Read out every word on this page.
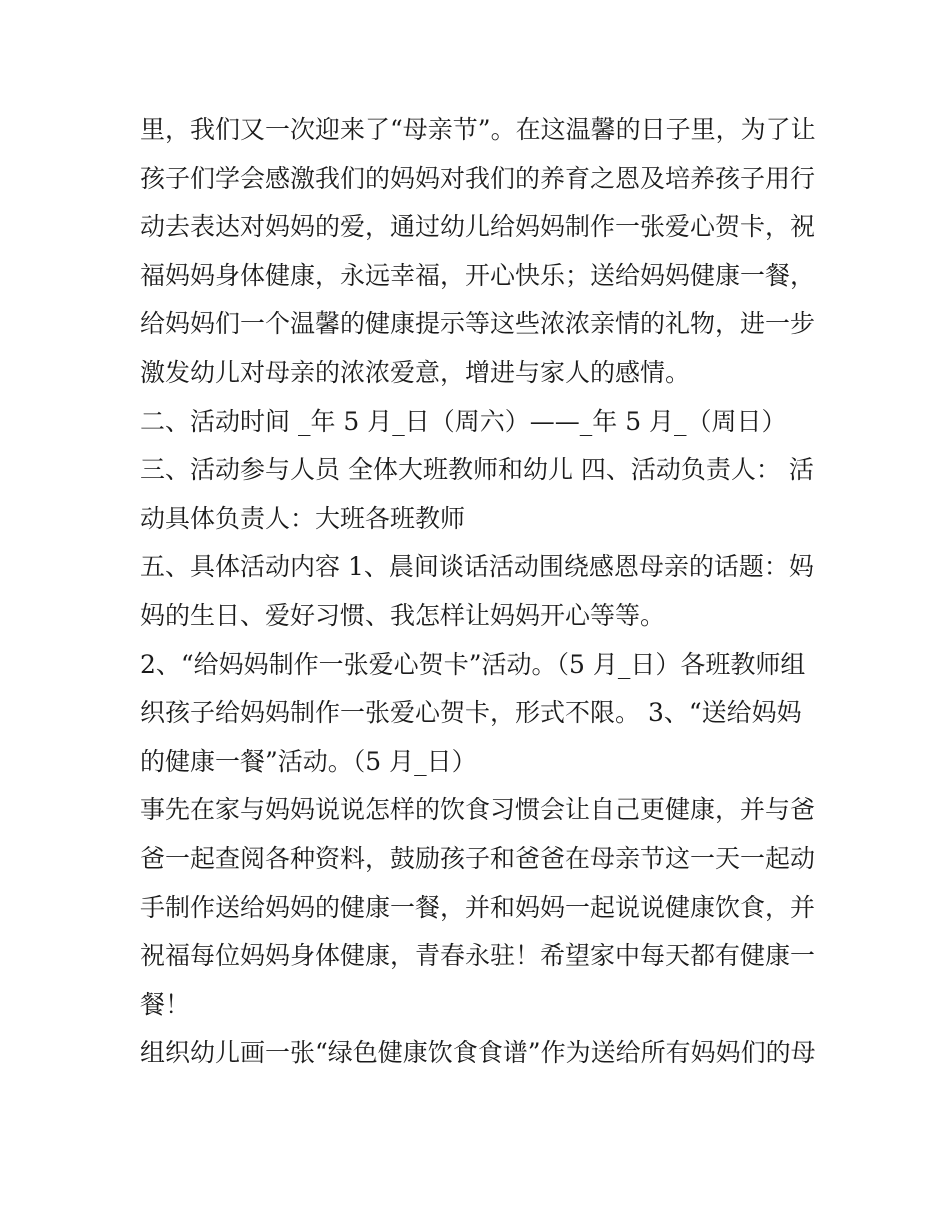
里，我们又一次迎来了“母亲节”。在这温馨的日子里，为了让
孩子们学会感激我们的妈妈对我们的养育之恩及培养孩子用行
动去表达对妈妈的爱，通过幼儿给妈妈制作一张爱心贺卡，祝
福妈妈身体健康，永远幸福，开心快乐；送给妈妈健康一餐，
给妈妈们一个温馨的健康提示等这些浓浓亲情的礼物，进一步
激发幼儿对母亲的浓浓爱意，增进与家人的感情。
二、活动时间 _年 5 月_日（周六）——_年 5 月_（周日）
三、活动参与人员 全体大班教师和幼儿 四、活动负责人： 活
动具体负责人：大班各班教师
五、具体活动内容 1、晨间谈话活动围绕感恩母亲的话题：妈
妈的生日、爱好习惯、我怎样让妈妈开心等等。
2、“给妈妈制作一张爱心贺卡”活动。（5 月_日）各班教师组
织孩子给妈妈制作一张爱心贺卡，形式不限。 3、“送给妈妈
的健康一餐”活动。（5 月_日）
事先在家与妈妈说说怎样的饮食习惯会让自己更健康，并与爸
爸一起查阅各种资料，鼓励孩子和爸爸在母亲节这一天一起动
手制作送给妈妈的健康一餐，并和妈妈一起说说健康饮食，并
祝福每位妈妈身体健康，青春永驻！希望家中每天都有健康一
餐！
组织幼儿画一张“绿色健康饮食食谱”作为送给所有妈妈们的母
